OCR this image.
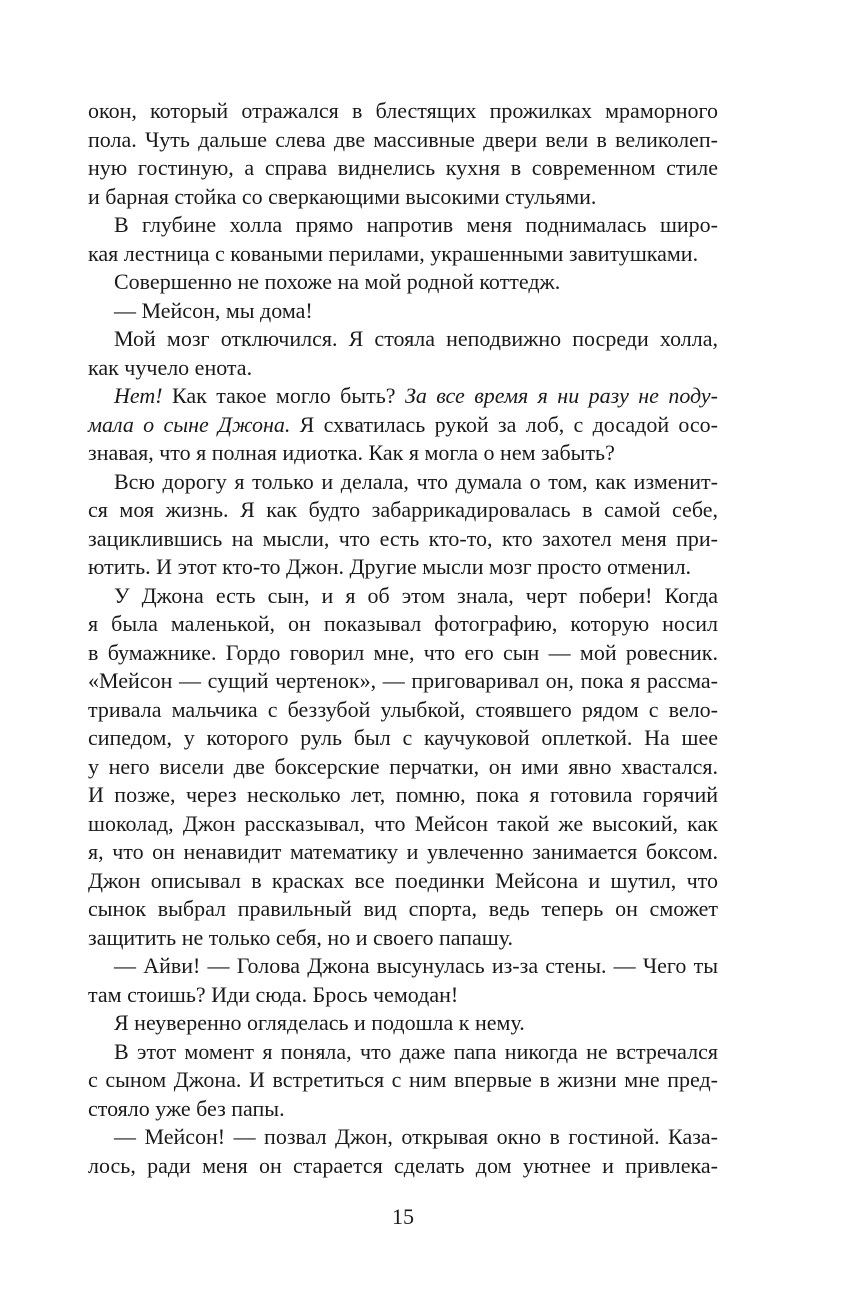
окон, который отражался в блестящих прожилках мраморного
пола. Чуть дальше слева две массивные двери вели в великолеп-
ную гостиную, а справа виднелись кухня в современном стиле
и барная стойка со сверкающими высокими стульями.
В глубине холла прямо напротив меня поднималась широ-
кая лестница с коваными перилами, украшенными завитушками.
Совершенно не похоже на мой родной коттедж.
— Мейсон, мы дома!
Мой мозг отключился. Я стояла неподвижно посреди холла,
как чучело енота.
Нет! Как такое могло быть? За все время я ни разу не поду-
мала о сыне Джона. Я схватилась рукой за лоб, с досадой осо-
знавая, что я полная идиотка. Как я могла о нем забыть?
Всю дорогу я только и делала, что думала о том, как изменит-
ся моя жизнь. Я как будто забаррикадировалась в самой себе,
зациклившись на мысли, что есть кто-то, кто захотел меня при-
ютить. И этот кто-то Джон. Другие мысли мозг просто отменил.
У Джона есть сын, и я об этом знала, черт побери! Когда
я была маленькой, он показывал фотографию, которую носил
в бумажнике. Гордо говорил мне, что его сын — мой ровесник.
«Мейсон — сущий чертенок», — приговаривал он, пока я рассма-
тривала мальчика с беззубой улыбкой, стоявшего рядом с вело-
сипедом, у которого руль был с каучуковой оплеткой. На шее
у него висели две боксерские перчатки, он ими явно хвастался.
И позже, через несколько лет, помню, пока я готовила горячий
шоколад, Джон рассказывал, что Мейсон такой же высокий, как
я, что он ненавидит математику и увлеченно занимается боксом.
Джон описывал в красках все поединки Мейсона и шутил, что
сынок выбрал правильный вид спорта, ведь теперь он сможет
защитить не только себя, но и своего папашу.
— Айви! — Голова Джона высунулась из-за стены. — Чего ты
там стоишь? Иди сюда. Брось чемодан!
Я неуверенно огляделась и подошла к нему.
В этот момент я поняла, что даже папа никогда не встречался
с сыном Джона. И встретиться с ним впервые в жизни мне пред-
стояло уже без папы.
— Мейсон! — позвал Джон, открывая окно в гостиной. Каза-
лось, ради меня он старается сделать дом уютнее и привлека-
15
